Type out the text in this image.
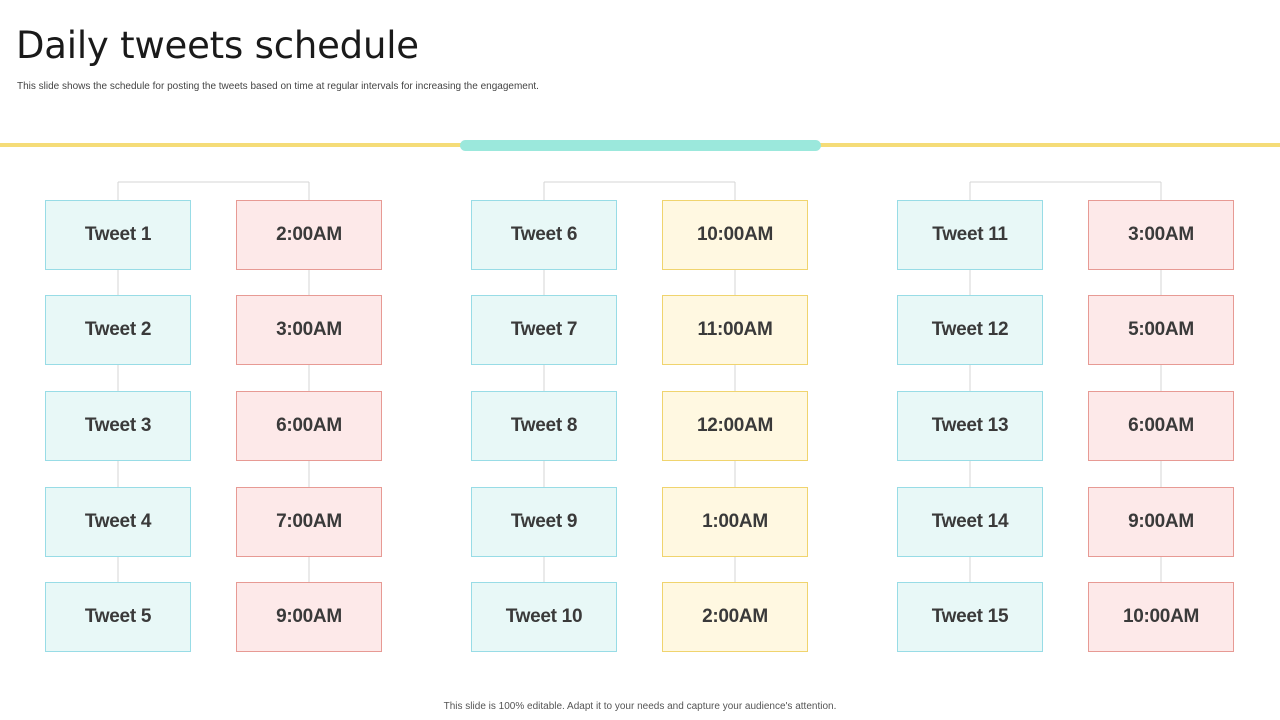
Daily tweets schedule
This slide shows the schedule for posting the tweets based on time at regular intervals for increasing the engagement.
Tweet 1
Tweet 2
Tweet 3
Tweet 4
Tweet 5
2:00AM
3:00AM
6:00AM
7:00AM
9:00AM
Tweet 6
Tweet 7
Tweet 8
Tweet 9
Tweet 10
10:00AM
11:00AM
12:00AM
1:00AM
2:00AM
Tweet 11
Tweet 12
Tweet 13
Tweet 14
Tweet 15
3:00AM
5:00AM
6:00AM
9:00AM
10:00AM
This slide is 100% editable. Adapt it to your needs and capture your audience's attention.
